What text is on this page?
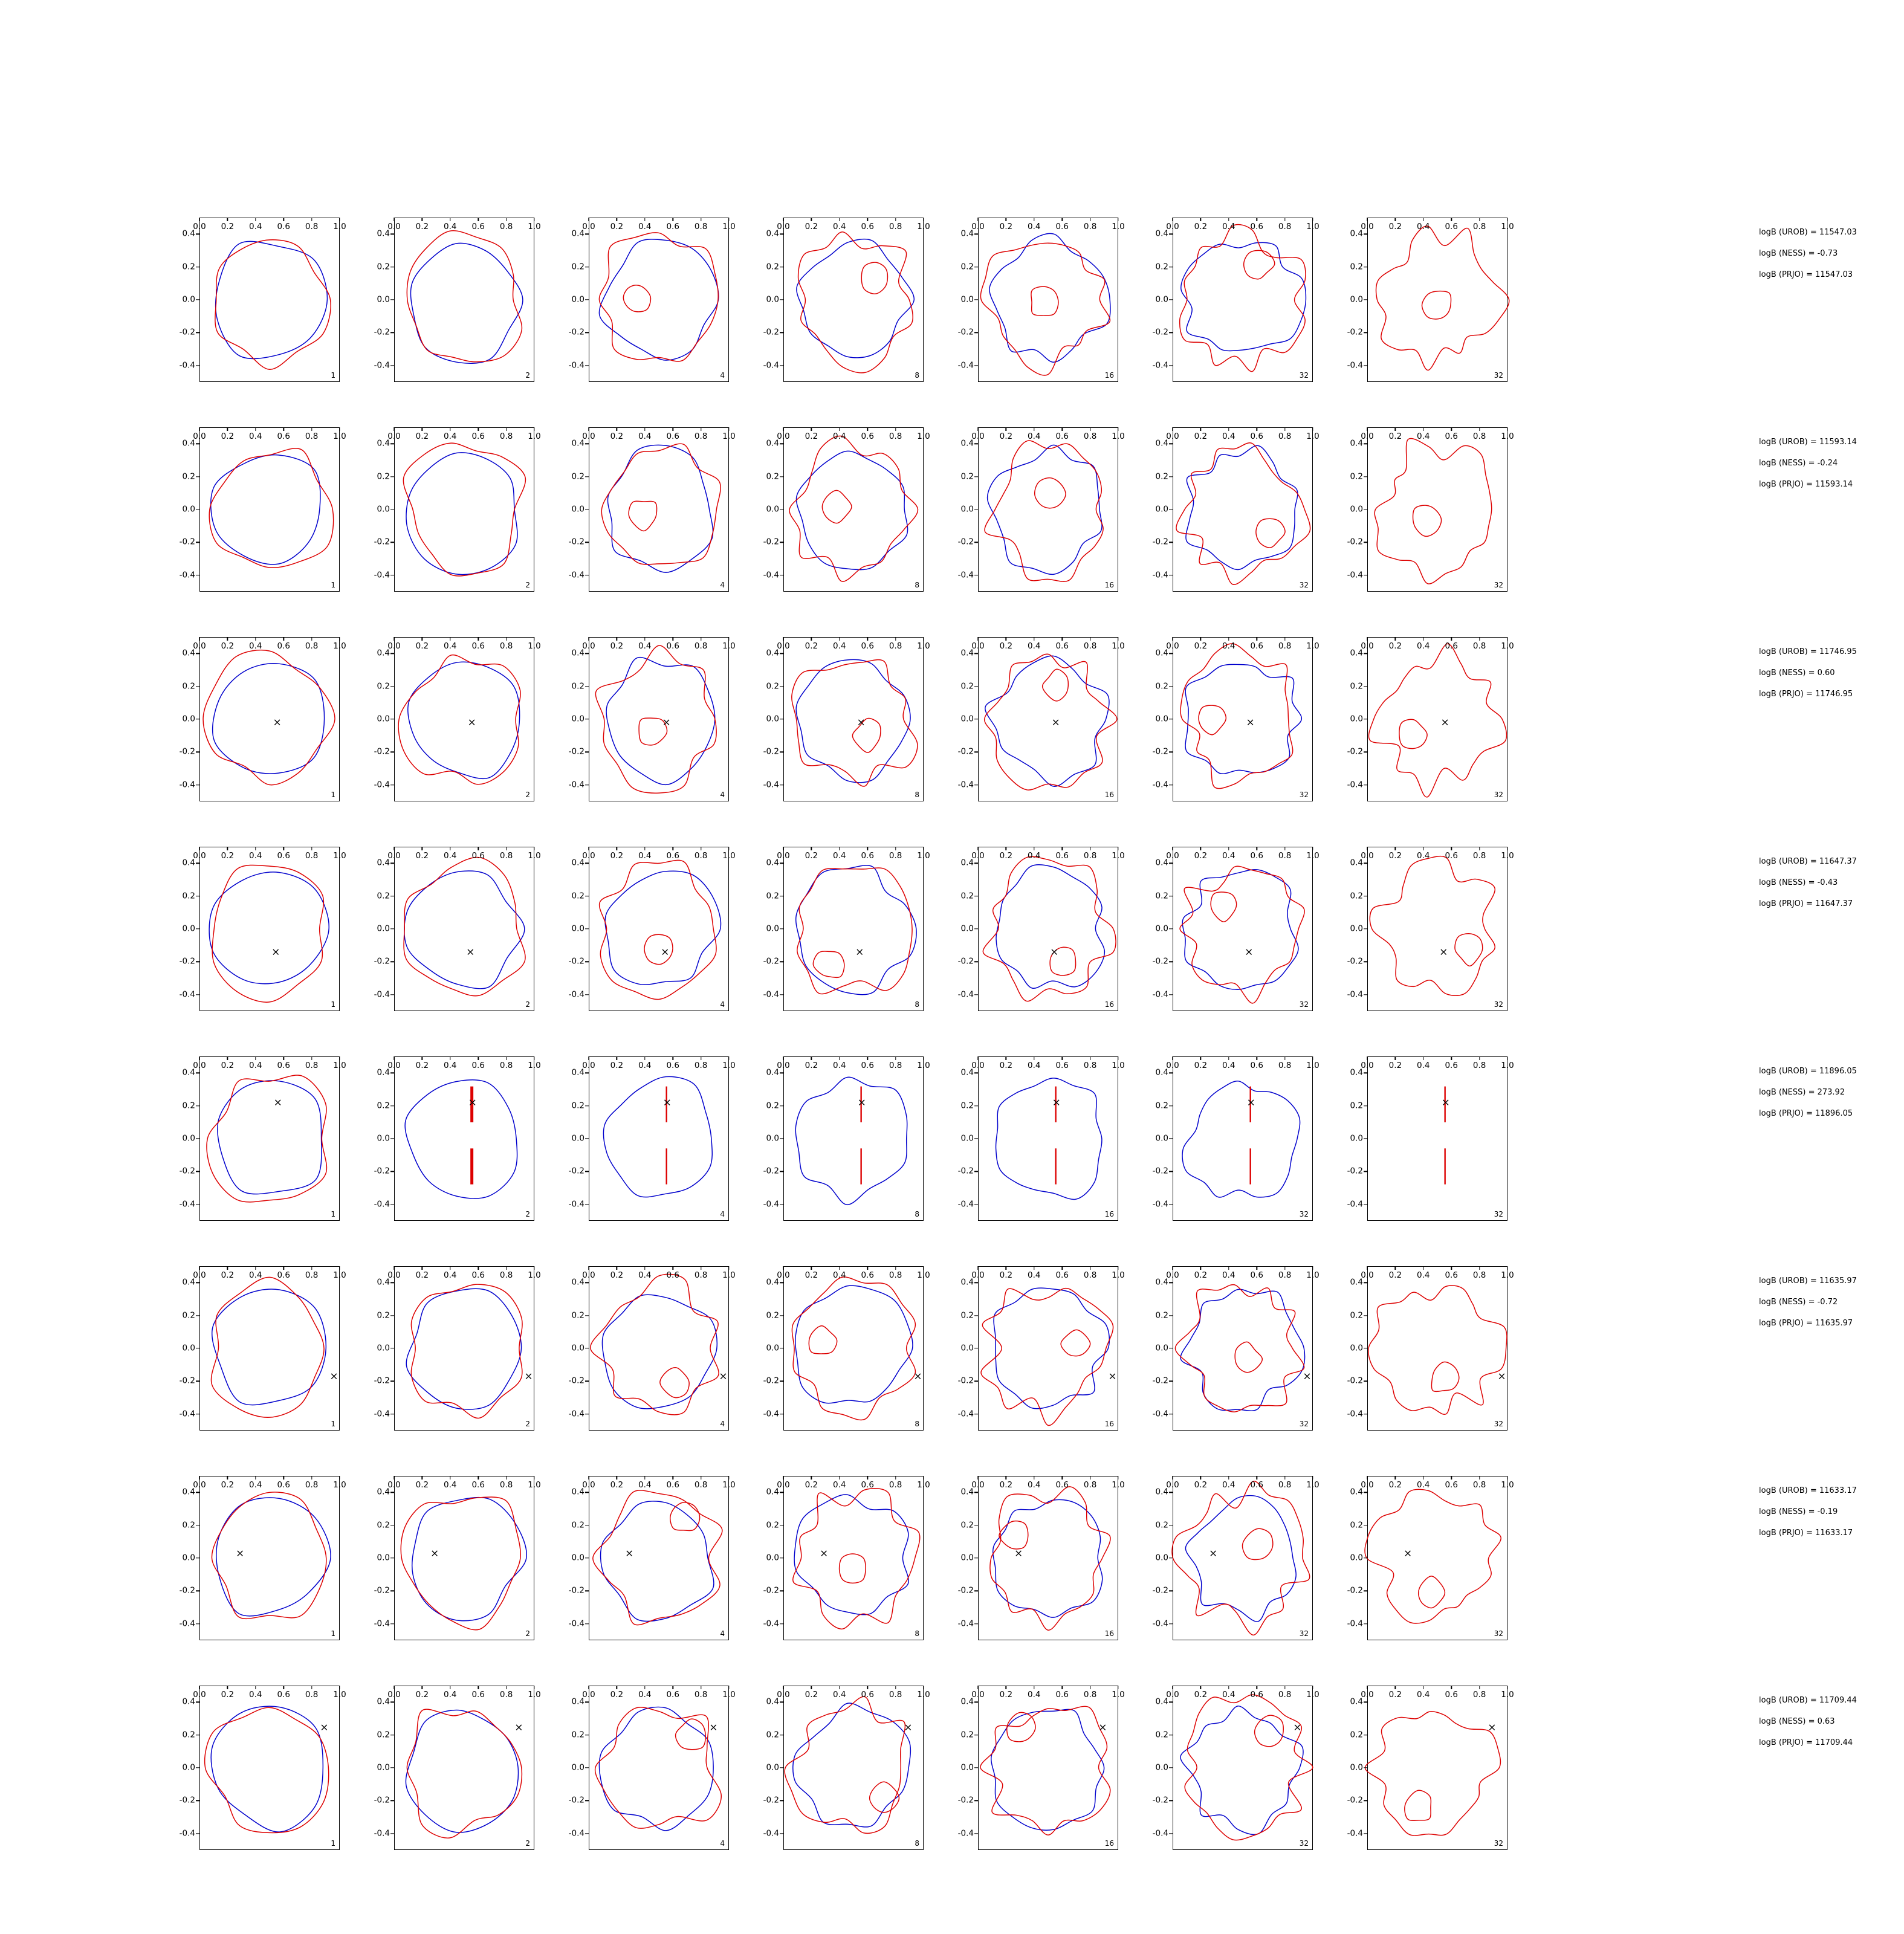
1
-0.4
-0.2
0.0
0.2
0.4
0.0 0.2 0.4 0.6 0.8 1.0
2
-0.4
-0.2
0.0
0.2
0.4
0.0 0.2 0.4 0.6 0.8 1.0
4
-0.4
-0.2
0.0
0.2
0.4
0.0 0.2 0.4 0.6 0.8 1.0
8
-0.4
-0.2
0.0
0.2
0.4
0.0 0.2 0.4 0.6 0.8 1.0
16
-0.4
-0.2
0.0
0.2
0.4
0.0 0.2 0.4 0.6 0.8 1.0
32
-0.4
-0.2
0.0
0.2
0.4
0.0 0.2 0.4 0.6 0.8 1.0
32
-0.4
-0.2
0.0
0.2
0.4
0.0 0.2 0.4 0.6 0.8 1.0
logB (UROB) = 11547.03
logB (NESS) = -0.73
logB (PRJO) = 11547.03
1
-0.4
-0.2
0.0
0.2
0.4
0.0 0.2 0.4 0.6 0.8 1.0
2
-0.4
-0.2
0.0
0.2
0.4
0.0 0.2 0.4 0.6 0.8 1.0
4
-0.4
-0.2
0.0
0.2
0.4
0.0 0.2 0.4 0.6 0.8 1.0
8
-0.4
-0.2
0.0
0.2
0.4
0.0 0.2 0.4 0.6 0.8 1.0
16
-0.4
-0.2
0.0
0.2
0.4
0.0 0.2 0.4 0.6 0.8 1.0
32
-0.4
-0.2
0.0
0.2
0.4
0.0 0.2 0.4 0.6 0.8 1.0
32
-0.4
-0.2
0.0
0.2
0.4
0.0 0.2 0.4 0.6 0.8 1.0
logB (UROB) = 11593.14
logB (NESS) = -0.24
logB (PRJO) = 11593.14
1
×
-0.4
-0.2
0.0
0.2
0.4
0.0 0.2 0.4 0.6 0.8 1.0
2
×
-0.4
-0.2
0.0
0.2
0.4
0.0 0.2 0.4 0.6 0.8 1.0
4
×
-0.4
-0.2
0.0
0.2
0.4
0.0 0.2 0.4 0.6 0.8 1.0
8
×
-0.4
-0.2
0.0
0.2
0.4
0.0 0.2 0.4 0.6 0.8 1.0
16
×
-0.4
-0.2
0.0
0.2
0.4
0.0 0.2 0.4 0.6 0.8 1.0
32
×
-0.4
-0.2
0.0
0.2
0.4
0.0 0.2 0.4 0.6 0.8 1.0
32
×
-0.4
-0.2
0.0
0.2
0.4
0.0 0.2 0.4 0.6 0.8 1.0
logB (UROB) = 11746.95
logB (NESS) = 0.60
logB (PRJO) = 11746.95
1
×
-0.4
-0.2
0.0
0.2
0.4
0.0 0.2 0.4 0.6 0.8 1.0
2
×
-0.4
-0.2
0.0
0.2
0.4
0.0 0.2 0.4 0.6 0.8 1.0
4
×
-0.4
-0.2
0.0
0.2
0.4
0.0 0.2 0.4 0.6 0.8 1.0
8
×
-0.4
-0.2
0.0
0.2
0.4
0.0 0.2 0.4 0.6 0.8 1.0
16
×
-0.4
-0.2
0.0
0.2
0.4
0.0 0.2 0.4 0.6 0.8 1.0
32
×
-0.4
-0.2
0.0
0.2
0.4
0.0 0.2 0.4 0.6 0.8 1.0
32
×
-0.4
-0.2
0.0
0.2
0.4
0.0 0.2 0.4 0.6 0.8 1.0
logB (UROB) = 11647.37
logB (NESS) = -0.43
logB (PRJO) = 11647.37
1
×
-0.4
-0.2
0.0
0.2
0.4
0.0 0.2 0.4 0.6 0.8 1.0
2
×
-0.4
-0.2
0.0
0.2
0.4
0.0 0.2 0.4 0.6 0.8 1.0
4
×
-0.4
-0.2
0.0
0.2
0.4
0.0 0.2 0.4 0.6 0.8 1.0
8
×
-0.4
-0.2
0.0
0.2
0.4
0.0 0.2 0.4 0.6 0.8 1.0
16
×
-0.4
-0.2
0.0
0.2
0.4
0.0 0.2 0.4 0.6 0.8 1.0
32
×
-0.4
-0.2
0.0
0.2
0.4
0.0 0.2 0.4 0.6 0.8 1.0
32
×
-0.4
-0.2
0.0
0.2
0.4
0.0 0.2 0.4 0.6 0.8 1.0
logB (UROB) = 11896.05
logB (NESS) = 273.92
logB (PRJO) = 11896.05
1
×
-0.4
-0.2
0.0
0.2
0.4
0.0 0.2 0.4 0.6 0.8 1.0
2
×
-0.4
-0.2
0.0
0.2
0.4
0.0 0.2 0.4 0.6 0.8 1.0
4
×
-0.4
-0.2
0.0
0.2
0.4
0.0 0.2 0.4 0.6 0.8 1.0
8
×
-0.4
-0.2
0.0
0.2
0.4
0.0 0.2 0.4 0.6 0.8 1.0
16
×
-0.4
-0.2
0.0
0.2
0.4
0.0 0.2 0.4 0.6 0.8 1.0
32
×
-0.4
-0.2
0.0
0.2
0.4
0.0 0.2 0.4 0.6 0.8 1.0
32
×
-0.4
-0.2
0.0
0.2
0.4
0.0 0.2 0.4 0.6 0.8 1.0
logB (UROB) = 11635.97
logB (NESS) = -0.72
logB (PRJO) = 11635.97
1
×
-0.4
-0.2
0.0
0.2
0.4
0.0 0.2 0.4 0.6 0.8 1.0
2
×
-0.4
-0.2
0.0
0.2
0.4
0.0 0.2 0.4 0.6 0.8 1.0
4
×
-0.4
-0.2
0.0
0.2
0.4
0.0 0.2 0.4 0.6 0.8 1.0
8
×
-0.4
-0.2
0.0
0.2
0.4
0.0 0.2 0.4 0.6 0.8 1.0
16
×
-0.4
-0.2
0.0
0.2
0.4
0.0 0.2 0.4 0.6 0.8 1.0
32
×
-0.4
-0.2
0.0
0.2
0.4
0.0 0.2 0.4 0.6 0.8 1.0
32
×
-0.4
-0.2
0.0
0.2
0.4
0.0 0.2 0.4 0.6 0.8 1.0
logB (UROB) = 11633.17
logB (NESS) = -0.19
logB (PRJO) = 11633.17
1
×
-0.4
-0.2
0.0
0.2
0.4
0.0 0.2 0.4 0.6 0.8 1.0
2
×
-0.4
-0.2
0.0
0.2
0.4
0.0 0.2 0.4 0.6 0.8 1.0
4
×
-0.4
-0.2
0.0
0.2
0.4
0.0 0.2 0.4 0.6 0.8 1.0
8
×
-0.4
-0.2
0.0
0.2
0.4
0.0 0.2 0.4 0.6 0.8 1.0
16
×
-0.4
-0.2
0.0
0.2
0.4
0.0 0.2 0.4 0.6 0.8 1.0
32
×
-0.4
-0.2
0.0
0.2
0.4
0.0 0.2 0.4 0.6 0.8 1.0
32
×
-0.4
-0.2
0.0
0.2
0.4
0.0 0.2 0.4 0.6 0.8 1.0
logB (UROB) = 11709.44
logB (NESS) = 0.63
logB (PRJO) = 11709.44
